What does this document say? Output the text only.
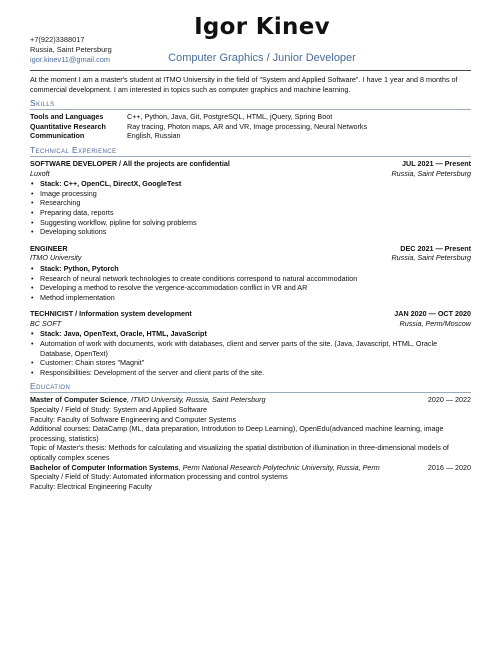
+7(922)3388017
Russia, Saint Petersburg
igor.kinev11@gmail.com
Igor Kinev
Computer Graphics / Junior Developer
At the moment I am a master's student at ITMO University in the field of "System and Applied Software". I have 1 year and 8 months of commercial development. I am interested in topics such as computer graphics and machine learning.
Skills
Tools and Languages	C++, Python, Java, Git, PostgreSQL, HTML, jQuery, Spring Boot
Quantitative Research	Ray tracing, Photon maps, AR and VR, Image processing, Neural Networks
Communication	English, Russian
Technical Experience
SOFTWARE DEVELOPER / All the projects are confidential	JUL 2021 — Present
Luxoft	Russia, Saint Petersburg
• Stack: C++, OpenCL, DirectX, GoogleTest
• Image processing
• Researching
• Preparing data, reports
• Suggesting workflow, pipline for solving problems
• Developing solutions
ENGINEER	DEC 2021 — Present
ITMO University	Russia, Saint Petersburg
• Stack: Python, Pytorch
• Research of neural network technologies to create conditions correspond to natural accommodation
• Developing a method to resolve the vergence-accommodation conflict in VR and AR
• Method implementation
TECHNICIST / Information system development	JAN 2020 — OCT 2020
BC SOFT	Russia, Perm/Moscow
• Stack: Java, OpenText, Oracle, HTML, JavaScript
• Automation of work with documents, work with databases, client and server parts of the site. (Java, Javascript, HTML, Oracle Database, OpenText)
• Customer: Chain stores "Magnit"
• Responsibilities: Development of the server and client parts of the site.
Education
Master of Computer Science, ITMO University, Russia, Saint Petersburg	2020 — 2022
Specialty / Field of Study: System and Applied Software
Faculty: Faculty of Software Engineering and Computer Systems
Additional courses: DataCamp (ML, data preparation, Introdution to Deep Learning), OpenEdu(advanced machine learning, image processing, statistics)
Topic of Master's thesis: Methods for calculating and visualizing the spatial distribution of illumination in three-dimensional models of optically complex scenes
Bachelor of Computer Information Systems, Perm National Research Polytechnic University, Russia, Perm	2016 — 2020
Specialty / Field of Study: Automated information processing and control systems
Faculty: Electrical Engineering Faculty
